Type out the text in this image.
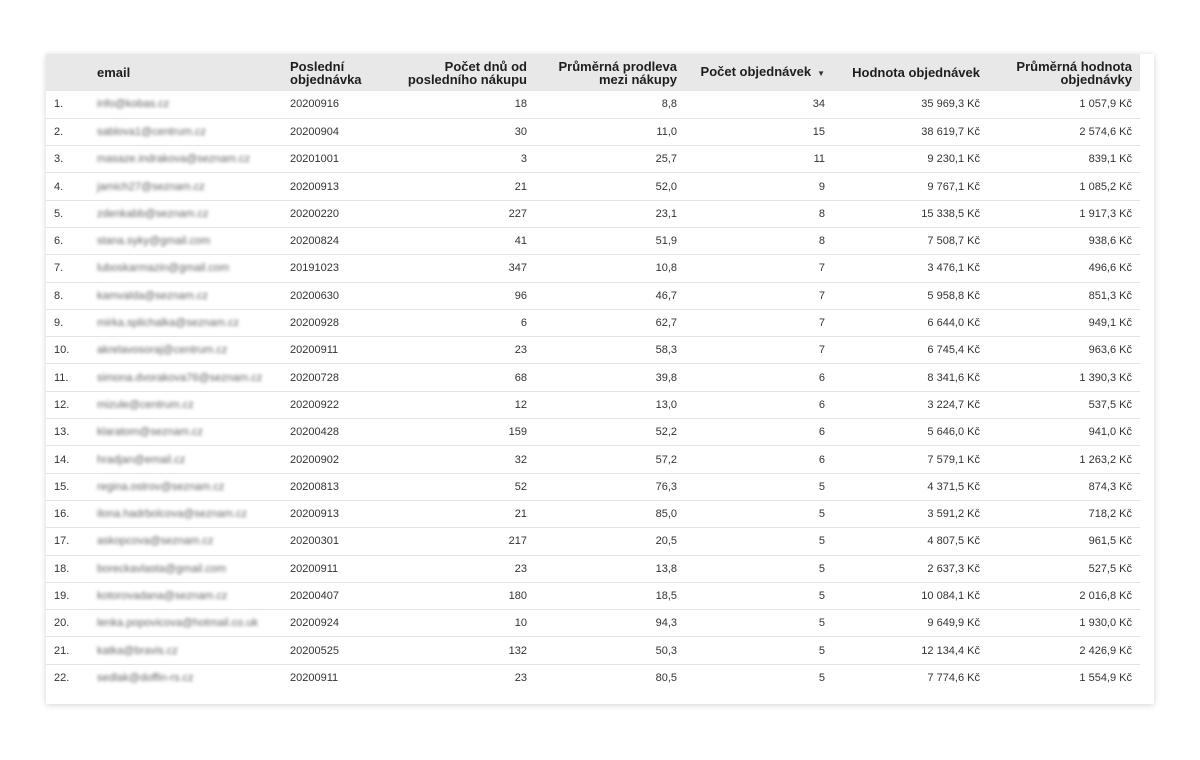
	email	Poslední objednávka	Počet dnů od posledního nákupu	Průměrná prodleva mezi nákupy	Počet objednávek ▼	Hodnota objednávek	Průměrná hodnota objednávky
1.	info@kobas.cz	20200916	18	8,8	34	35 969,3 Kč	1 057,9 Kč
2.	sablova1@centrum.cz	20200904	30	11,0	15	38 619,7 Kč	2 574,6 Kč
3.	masaze.indrakova@seznam.cz	20201001	3	25,7	11	9 230,1 Kč	839,1 Kč
4.	jamich27@seznam.cz	20200913	21	52,0	9	9 767,1 Kč	1 085,2 Kč
5.	zdenkabb@seznam.cz	20200220	227	23,1	8	15 338,5 Kč	1 917,3 Kč
6.	stana.syky@gmail.com	20200824	41	51,9	8	7 508,7 Kč	938,6 Kč
7.	luboskarmazin@gmail.com	20191023	347	10,8	7	3 476,1 Kč	496,6 Kč
8.	kamvalda@seznam.cz	20200630	96	46,7	7	5 958,8 Kč	851,3 Kč
9.	mirka.splichalka@seznam.cz	20200928	6	62,7	7	6 644,0 Kč	949,1 Kč
10.	akrelavosoraj@centrum.cz	20200911	23	58,3	7	6 745,4 Kč	963,6 Kč
11.	simona.dvorakova76@seznam.cz	20200728	68	39,8	6	8 341,6 Kč	1 390,3 Kč
12.	mizule@centrum.cz	20200922	12	13,0	6	3 224,7 Kč	537,5 Kč
13.	klaratom@seznam.cz	20200428	159	52,2	6	5 646,0 Kč	941,0 Kč
14.	hradjan@email.cz	20200902	32	57,2	6	7 579,1 Kč	1 263,2 Kč
15.	regina.ostrov@seznam.cz	20200813	52	76,3	5	4 371,5 Kč	874,3 Kč
16.	ilona.hadrbolcova@seznam.cz	20200913	21	85,0	5	3 591,2 Kč	718,2 Kč
17.	askopcova@seznam.cz	20200301	217	20,5	5	4 807,5 Kč	961,5 Kč
18.	boreckavlasta@gmail.com	20200911	23	13,8	5	2 637,3 Kč	527,5 Kč
19.	kotorovadana@seznam.cz	20200407	180	18,5	5	10 084,1 Kč	2 016,8 Kč
20.	lenka.popovicova@hotmail.co.uk	20200924	10	94,3	5	9 649,9 Kč	1 930,0 Kč
21.	katka@bravis.cz	20200525	132	50,3	5	12 134,4 Kč	2 426,9 Kč
22.	sedlak@doffin-rs.cz	20200911	23	80,5	5	7 774,6 Kč	1 554,9 Kč
